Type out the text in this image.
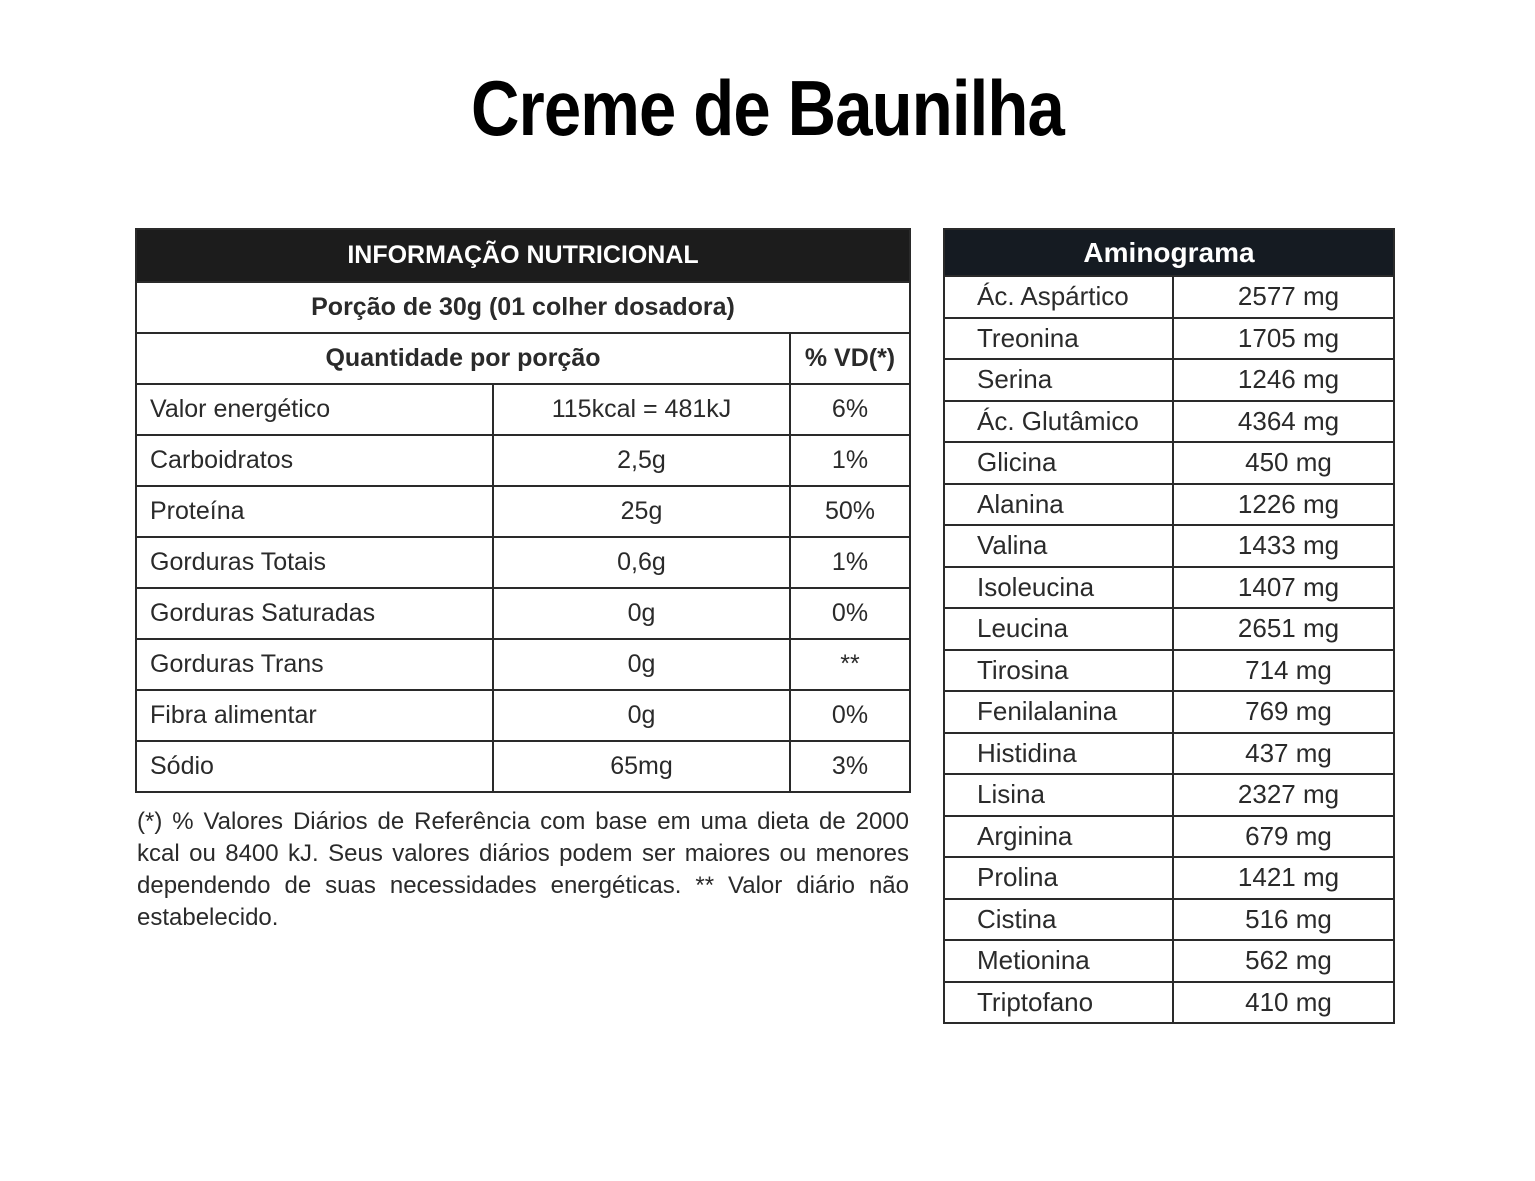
Creme de Baunilha
INFORMAÇÃO NUTRICIONAL
Porção de 30g (01 colher dosadora)
Quantidade por porção	% VD(*)
Valor energético	115kcal = 481kJ	6%
Carboidratos	2,5g	1%
Proteína	25g	50%
Gorduras Totais	0,6g	1%
Gorduras Saturadas	0g	0%
Gorduras Trans	0g	**
Fibra alimentar	0g	0%
Sódio	65mg	3%
(*) % Valores Diários de Referência com base em uma dieta de 2000 kcal ou 8400 kJ. Seus valores diários podem ser maiores ou menores dependendo de suas necessidades energéticas. ** Valor diário não estabelecido.
Aminograma
Ác. Aspártico	2577 mg
Treonina	1705 mg
Serina	1246 mg
Ác. Glutâmico	4364 mg
Glicina	450 mg
Alanina	1226 mg
Valina	1433 mg
Isoleucina	1407 mg
Leucina	2651 mg
Tirosina	714 mg
Fenilalanina	769 mg
Histidina	437 mg
Lisina	2327 mg
Arginina	679 mg
Prolina	1421 mg
Cistina	516 mg
Metionina	562 mg
Triptofano	410 mg
